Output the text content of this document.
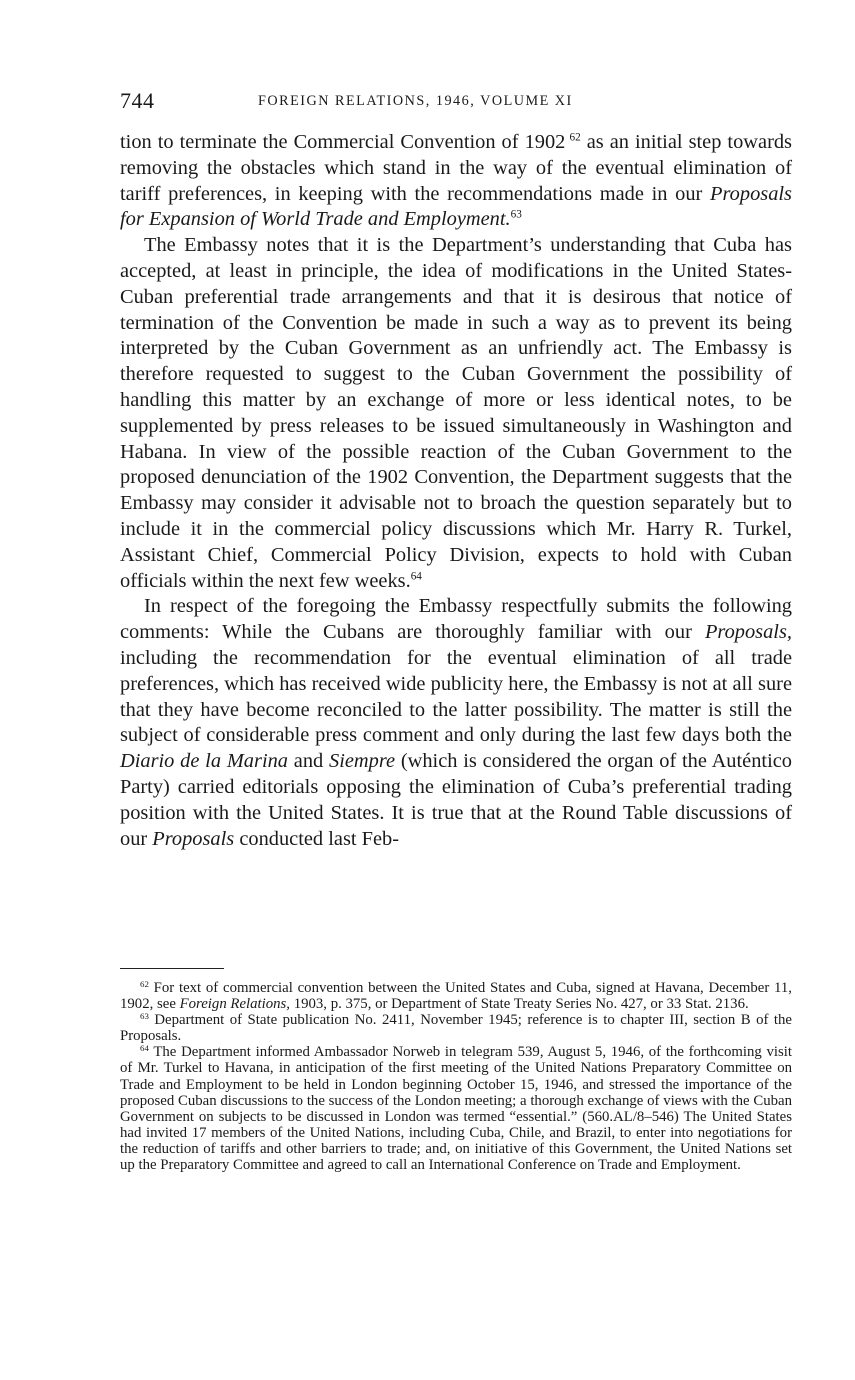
744	FOREIGN RELATIONS, 1946, VOLUME XI

tion to terminate the Commercial Convention of 1902  $^{62}$ as an initial step towards removing the obstacles which stand in the way of the eventual elimination of tariff preferences, in keeping with the recommendations made in our Proposals for Expansion of World Trade and Employment.$^{63}$

The Embassy notes that it is the Department’s understanding that Cuba has accepted, at least in principle, the idea of modifications in the United States-Cuban preferential trade arrangements and that it is desirous that notice of termination of the Convention be made in such a way as to prevent its being interpreted by the Cuban Government as an unfriendly act. The Embassy is therefore requested to suggest to the Cuban Government the possibility of handling this matter by an exchange of more or less identical notes, to be supplemented by press releases to be issued simultaneously in Washington and Habana. In view of the possible reaction of the Cuban Government to the proposed denunciation of the 1902 Convention, the Department suggests that the Embassy may consider it advisable not to broach the question separately but to include it in the commercial policy discussions which Mr. Harry R. Turkel, Assistant Chief, Commercial Policy Division, expects to hold with Cuban officials within the next few weeks.$^{64}$

In respect of the foregoing the Embassy respectfully submits the following comments: While the Cubans are thoroughly familiar with our Proposals, including the recommendation for the eventual elimination of all trade preferences, which has received wide publicity here, the Embassy is not at all sure that they have become reconciled to the latter possibility. The matter is still the subject of considerable press comment and only during the last few days both the Diario de la Marina and Siempre (which is considered the organ of the Auténtico Party) carried editorials opposing the elimination of Cuba’s preferential trading position with the United States. It is true that at the Round Table discussions of our Proposals conducted last Feb-

$^{62}$ For text of commercial convention between the United States and Cuba, signed at Havana, December 11, 1902, see Foreign Relations, 1903, p. 375, or Department of State Treaty Series No. 427, or 33 Stat. 2136.

$^{63}$ Department of State publication No. 2411, November 1945; reference is to chapter III, section B of the Proposals.

$^{64}$ The Department informed Ambassador Norweb in telegram 539, August 5, 1946, of the forthcoming visit of Mr. Turkel to Havana, in anticipation of the first meeting of the United Nations Preparatory Committee on Trade and Employment to be held in London beginning October 15, 1946, and stressed the importance of the proposed Cuban discussions to the success of the London meeting; a thorough exchange of views with the Cuban Government on subjects to be discussed in London was termed “essential.” (560.AL/8–546) The United States had invited 17 members of the United Nations, including Cuba, Chile, and Brazil, to enter into negotiations for the reduction of tariffs and other barriers to trade; and, on initiative of this Government, the United Nations set up the Preparatory Committee and agreed to call an International Conference on Trade and Employment.
